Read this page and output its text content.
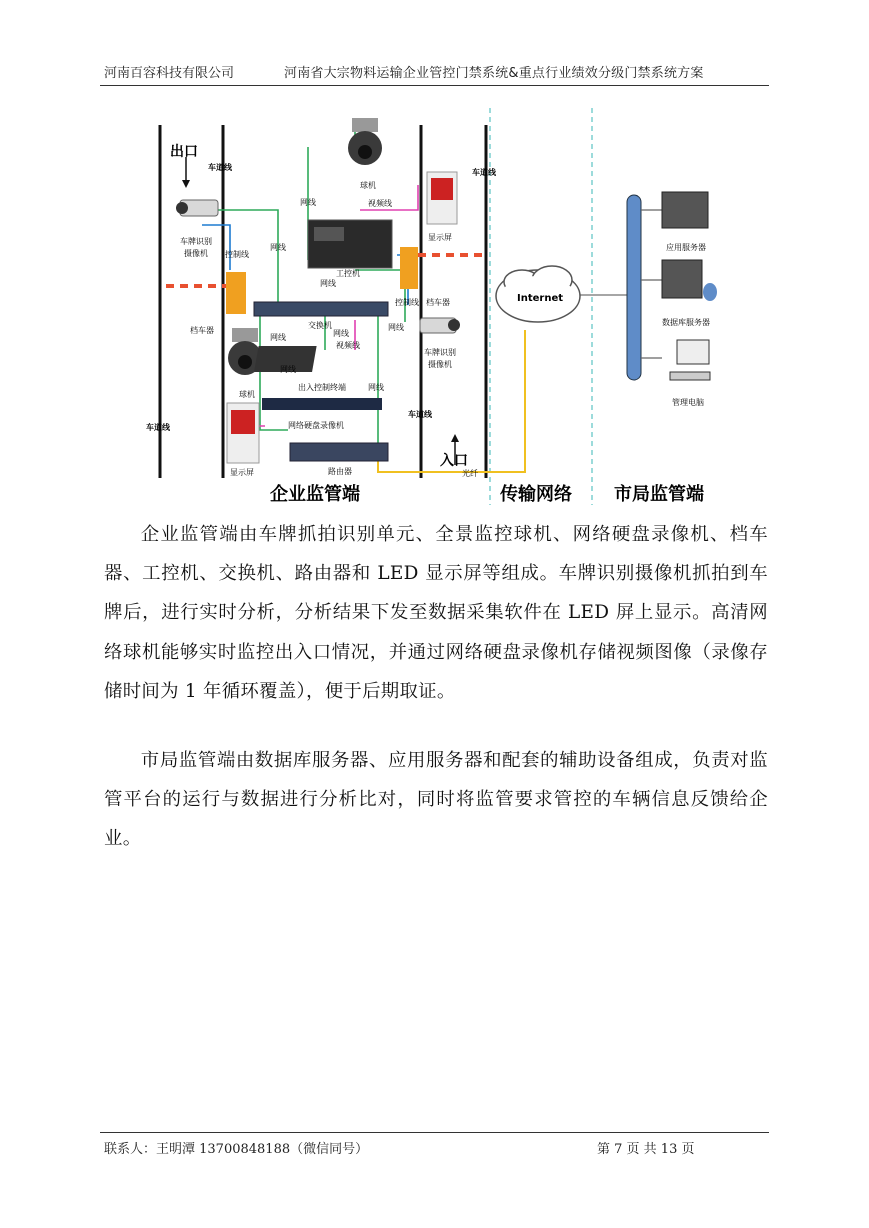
河南百容科技有限公司	河南省大宗物料运输企业管控门禁系统&重点行业绩效分级门禁系统方案
出口
入口
车道线
车道线
车道线
车道线
球机
球机
显示屏
显示屏
车牌识别
摄像机
车牌识别
摄像机
档车器
档车器
控制线
控制线
网线
网线
网线
网线	网线
网线
网线
网线
视频线
视频线
工控机
交换机
出入控制终端
网络硬盘录像机
路由器	光纤
Internet
应用服务器
数据库服务器
管理电脑
企业监管端	传输网络 市局监管端

企业监管端由车牌抓拍识别单元、全景监控球机、网络硬盘录像机、档车器、工控机、交换机、路由器和 LED 显示屏等组成。车牌识别摄像机抓拍到车牌后，进行实时分析，分析结果下发至数据采集软件在 LED 屏上显示。高清网络球机能够实时监控出入口情况，并通过网络硬盘录像机存储视频图像（录像存储时间为 1 年循环覆盖），便于后期取证。

市局监管端由数据库服务器、应用服务器和配套的辅助设备组成，负责对监管平台的运行与数据进行分析比对，同时将监管要求管控的车辆信息反馈给企业。

联系人：王明潭 13700848188（微信同号）	第 7 页 共 13 页
